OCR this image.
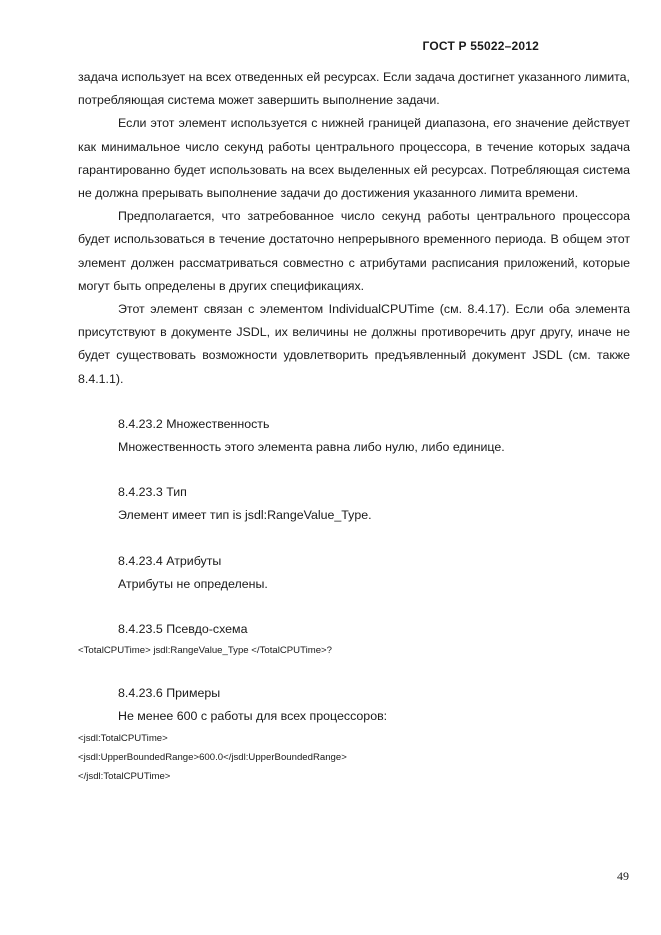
ГОСТ Р 55022–2012

задача использует на всех отведенных ей ресурсах. Если задача достигнет указанного лимита, потребляющая система может завершить выполнение задачи.

Если этот элемент используется с нижней границей диапазона, его значение действует как минимальное число секунд работы центрального процессора, в течение которых задача гарантированно будет использовать на всех выделенных ей ресурсах. Потребляющая система не должна прерывать выполнение задачи до достижения указанного лимита времени.

Предполагается, что затребованное число секунд работы центрального процессора будет использоваться в течение достаточно непрерывного временного периода. В общем этот элемент должен рассматриваться совместно с атрибутами расписания приложений, которые могут быть определены в других спецификациях.

Этот элемент связан с элементом IndividualCPUTime (см. 8.4.17). Если оба элемента присутствуют в документе JSDL, их величины не должны противоречить друг другу, иначе не будет существовать возможности удовлетворить предъявленный документ JSDL (см. также 8.4.1.1).

8.4.23.2 Множественность

Множественность этого элемента равна либо нулю, либо единице.

8.4.23.3 Тип

Элемент имеет тип is jsdl:RangeValue_Type.

8.4.23.4 Атрибуты

Атрибуты не определены.

8.4.23.5 Псевдо-схема

<TotalCPUTime> jsdl:RangeValue_Type </TotalCPUTime>?

8.4.23.6 Примеры

Не менее 600 с работы для всех процессоров:

<jsdl:TotalCPUTime>

<jsdl:UpperBoundedRange>600.0</jsdl:UpperBoundedRange>

</jsdl:TotalCPUTime>

49
